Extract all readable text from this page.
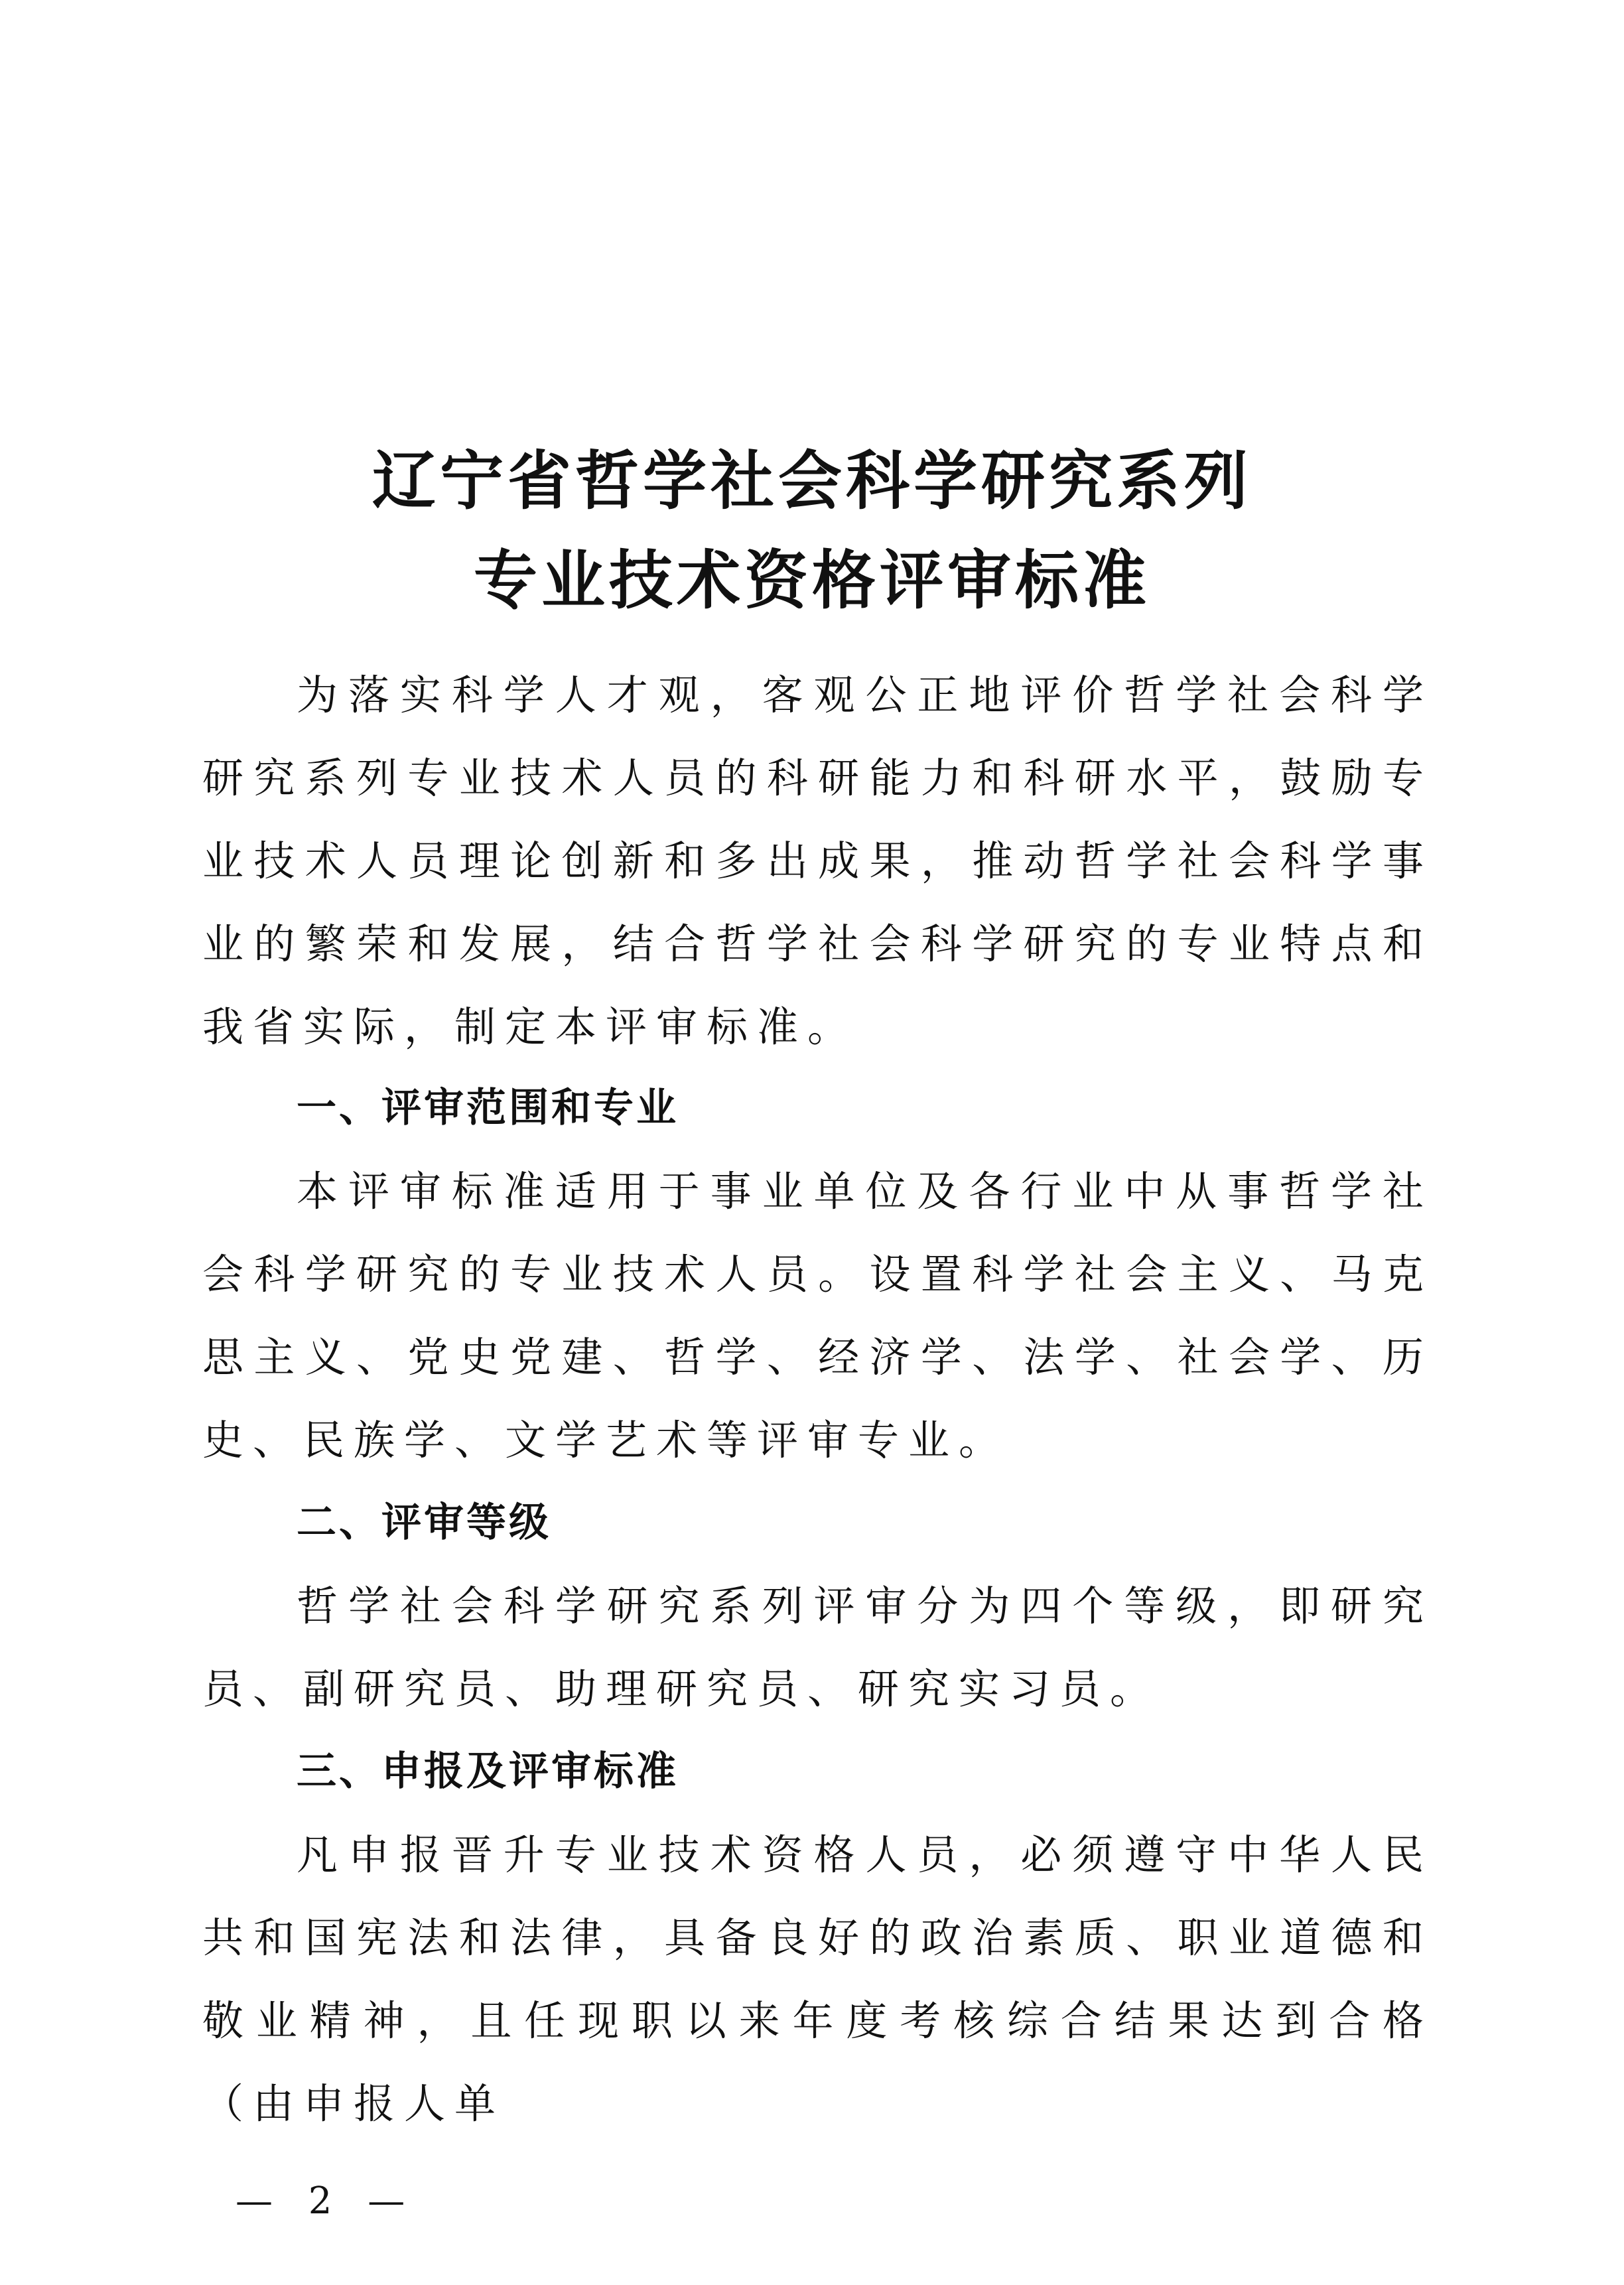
辽宁省哲学社会科学研究系列

专业技术资格评审标准

为落实科学人才观，客观公正地评价哲学社会科学研究系列专业技术人员的科研能力和科研水平，鼓励专业技术人员理论创新和多出成果，推动哲学社会科学事业的繁荣和发展，结合哲学社会科学研究的专业特点和我省实际，制定本评审标准。

一、评审范围和专业

本评审标准适用于事业单位及各行业中从事哲学社会科学研究的专业技术人员。设置科学社会主义、马克思主义、党史党建、哲学、经济学、法学、社会学、历史、民族学、文学艺术等评审专业。

二、评审等级

哲学社会科学研究系列评审分为四个等级，即研究员、副研究员、助理研究员、研究实习员。

三、申报及评审标准

凡申报晋升专业技术资格人员，必须遵守中华人民共和国宪法和法律，具备良好的政治素质、职业道德和敬业精神，且任现职以来年度考核综合结果达到合格（由申报人单

— 2 —
